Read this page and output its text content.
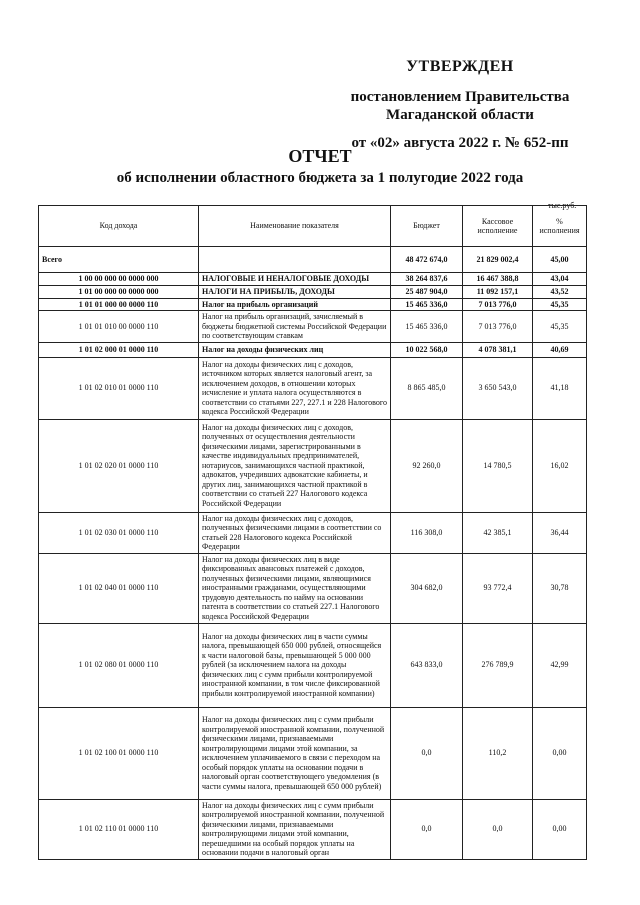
УТВЕРЖДЕН
постановлением Правительства
Магаданской области
от «02» августа 2022 г. № 652-пп
ОТЧЕТ
об исполнении областного бюджета за 1 полугодие 2022 года
тыс.руб.
Код дохода	Наименование показателя	Бюджет	Кассовое исполнение	% исполнения
Всего		48 472 674,0	21 829 002,4	45,00
1 00 00 000 00 0000 000	НАЛОГОВЫЕ И НЕНАЛОГОВЫЕ ДОХОДЫ	38 264 837,6	16 467 388,8	43,04
1 01 00 000 00 0000 000	НАЛОГИ НА ПРИБЫЛЬ, ДОХОДЫ	25 487 904,0	11 092 157,1	43,52
1 01 01 000 00 0000 110	Налог на прибыль организаций	15 465 336,0	7 013 776,0	45,35
1 01 01 010 00 0000 110	Налог на прибыль организаций, зачисляемый в бюджеты бюджетной системы Российской Федерации по соответствующим ставкам	15 465 336,0	7 013 776,0	45,35
1 01 02 000 01 0000 110	Налог на доходы физических лиц	10 022 568,0	4 078 381,1	40,69
1 01 02 010 01 0000 110	Налог на доходы физических лиц с доходов, источником которых является налоговый агент, за исключением доходов, в отношении которых исчисление и уплата налога осуществляются в соответствии со статьями 227, 227.1 и 228 Налогового кодекса Российской Федерации	8 865 485,0	3 650 543,0	41,18
1 01 02 020 01 0000 110	Налог на доходы физических лиц с доходов, полученных от осуществления деятельности физическими лицами, зарегистрированными в качестве индивидуальных предпринимателей, нотариусов, занимающихся частной практикой, адвокатов, учредивших адвокатские кабинеты, и других лиц, занимающихся частной практикой в соответствии со статьей 227 Налогового кодекса Российской Федерации	92 260,0	14 780,5	16,02
1 01 02 030 01 0000 110	Налог на доходы физических лиц с доходов, полученных физическими лицами в соответствии со статьей 228 Налогового кодекса Российской Федерации	116 308,0	42 385,1	36,44
1 01 02 040 01 0000 110	Налог на доходы физических лиц в виде фиксированных авансовых платежей с доходов, полученных физическими лицами, являющимися иностранными гражданами, осуществляющими трудовую деятельность по найму на основании патента в соответствии со статьей 227.1 Налогового кодекса Российской Федерации	304 682,0	93 772,4	30,78
1 01 02 080 01 0000 110	Налог на доходы физических лиц в части суммы налога, превышающей 650 000 рублей, относящейся к части налоговой базы, превышающей 5 000 000 рублей (за исключением налога на доходы физических лиц с сумм прибыли контролируемой иностранной компании, в том числе фиксированной прибыли контролируемой иностранной компании)	643 833,0	276 789,9	42,99
1 01 02 100 01 0000 110	Налог на доходы физических лиц с сумм прибыли контролируемой иностранной компании, полученной физическими лицами, признаваемыми контролирующими лицами этой компании, за исключением уплачиваемого в связи с переходом на особый порядок уплаты на основании подачи в налоговый орган соответствующего уведомления (в части суммы налога, превышающей 650 000 рублей)	0,0	110,2	0,00
1 01 02 110 01 0000 110	Налог на доходы физических лиц с сумм прибыли контролируемой иностранной компании, полученной физическими лицами, признаваемыми контролирующими лицами этой компании, перешедшими на особый порядок уплаты на основании подачи в налоговый орган	0,0	0,0	0,00
